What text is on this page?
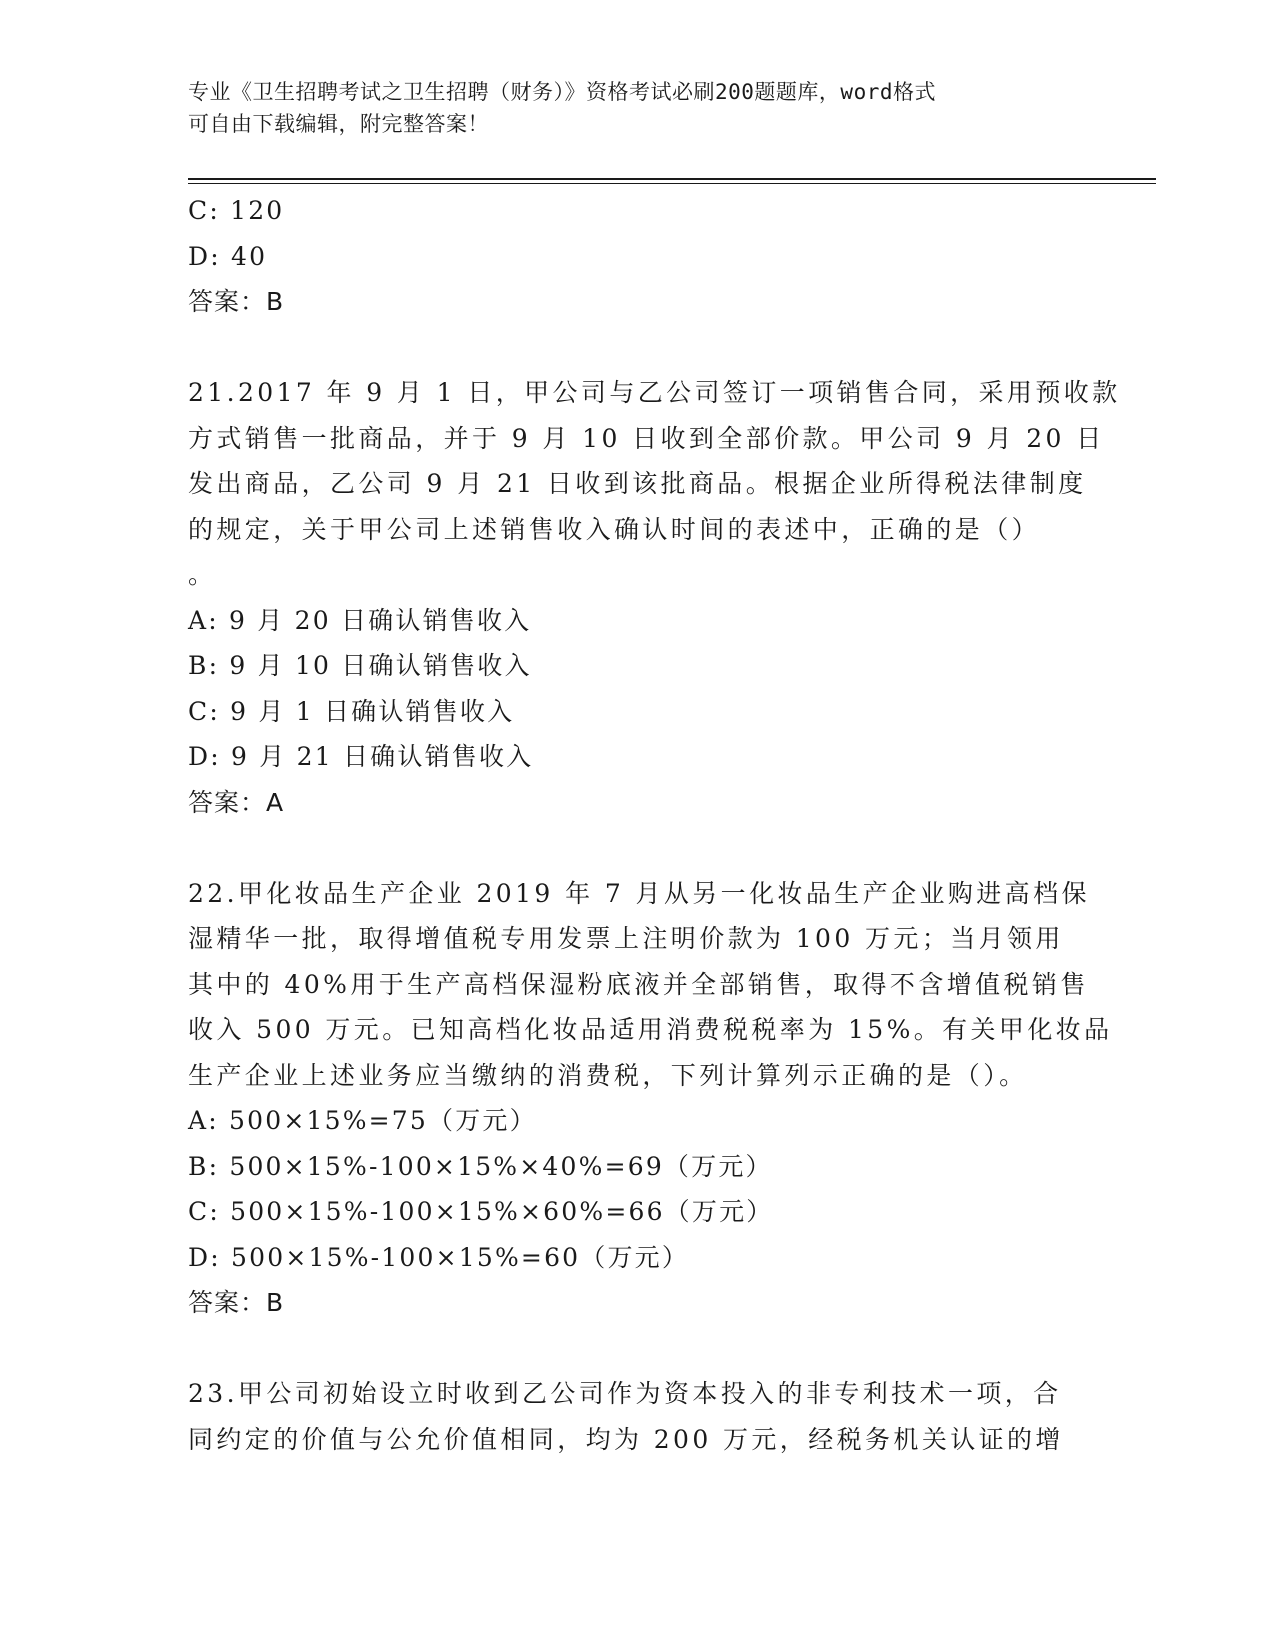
专业《卫生招聘考试之卫生招聘（财务）》资格考试必刷200题题库，word格式
可自由下载编辑，附完整答案！
C: 120
D: 40
答案：B
21.2017 年 9 月 1 日，甲公司与乙公司签订一项销售合同，采用预收款
方式销售一批商品，并于 9 月 10 日收到全部价款。甲公司 9 月 20 日
发出商品，乙公司 9 月 21 日收到该批商品。根据企业所得税法律制度
的规定，关于甲公司上述销售收入确认时间的表述中，正确的是（）
。
A: 9 月 20 日确认销售收入
B: 9 月 10 日确认销售收入
C: 9 月 1 日确认销售收入
D: 9 月 21 日确认销售收入
答案：A
22.甲化妆品生产企业 2019 年 7 月从另一化妆品生产企业购进高档保
湿精华一批，取得增值税专用发票上注明价款为 100 万元；当月领用
其中的 40%用于生产高档保湿粉底液并全部销售，取得不含增值税销售
收入 500 万元。已知高档化妆品适用消费税税率为 15%。有关甲化妆品
生产企业上述业务应当缴纳的消费税，下列计算列示正确的是（）。
A: 500×15%=75（万元）
B: 500×15%-100×15%×40%=69（万元）
C: 500×15%-100×15%×60%=66（万元）
D: 500×15%-100×15%=60（万元）
答案：B
23.甲公司初始设立时收到乙公司作为资本投入的非专利技术一项，合
同约定的价值与公允价值相同，均为 200 万元，经税务机关认证的增
